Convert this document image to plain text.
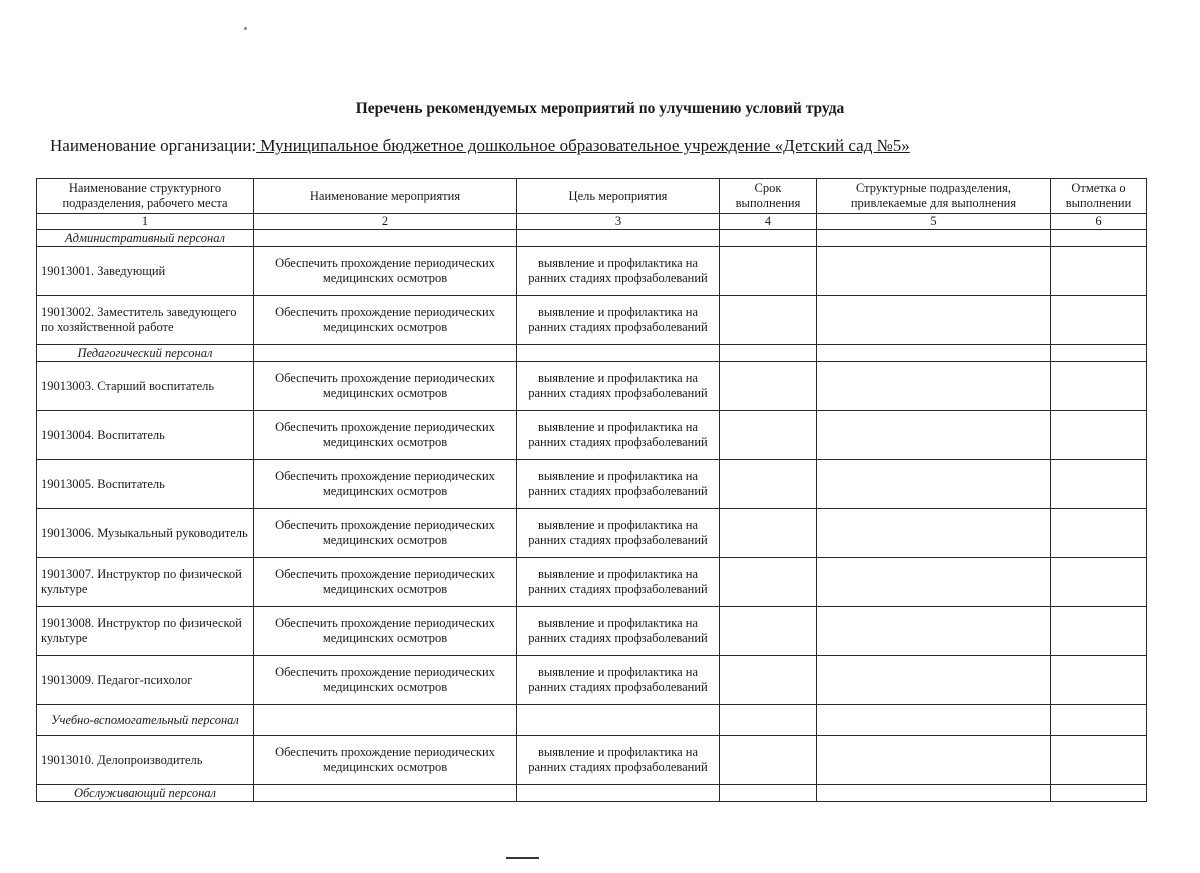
Перечень рекомендуемых мероприятий по улучшению условий труда
Наименование организации: Муниципальное бюджетное дошкольное образовательное учреждение «Детский сад №5»
Наименование структурного подразделения, рабочего места	Наименование мероприятия	Цель мероприятия	Срок выполнения	Структурные подразделения, привлекаемые для выполнения	Отметка о выполнении
1	2	3	4	5	6
Административный персонал					
19013001. Заведующий	Обеспечить прохождение периодических медицинских осмотров	выявление и профилактика на ранних стадиях профзаболеваний			
19013002. Заместитель заведующего по хозяйственной работе	Обеспечить прохождение периодических медицинских осмотров	выявление и профилактика на ранних стадиях профзаболеваний			
Педагогический персонал					
19013003. Старший воспитатель	Обеспечить прохождение периодических медицинских осмотров	выявление и профилактика на ранних стадиях профзаболеваний			
19013004. Воспитатель	Обеспечить прохождение периодических медицинских осмотров	выявление и профилактика на ранних стадиях профзаболеваний			
19013005. Воспитатель	Обеспечить прохождение периодических медицинских осмотров	выявление и профилактика на ранних стадиях профзаболеваний			
19013006. Музыкальный руководитель	Обеспечить прохождение периодических медицинских осмотров	выявление и профилактика на ранних стадиях профзаболеваний			
19013007. Инструктор по физической культуре	Обеспечить прохождение периодических медицинских осмотров	выявление и профилактика на ранних стадиях профзаболеваний			
19013008. Инструктор по физической культуре	Обеспечить прохождение периодических медицинских осмотров	выявление и профилактика на ранних стадиях профзаболеваний			
19013009. Педагог-психолог	Обеспечить прохождение периодических медицинских осмотров	выявление и профилактика на ранних стадиях профзаболеваний			
Учебно-вспомогательный персонал					
19013010. Делопроизводитель	Обеспечить прохождение периодических медицинских осмотров	выявление и профилактика на ранних стадиях профзаболеваний			
Обслуживающий персонал					
